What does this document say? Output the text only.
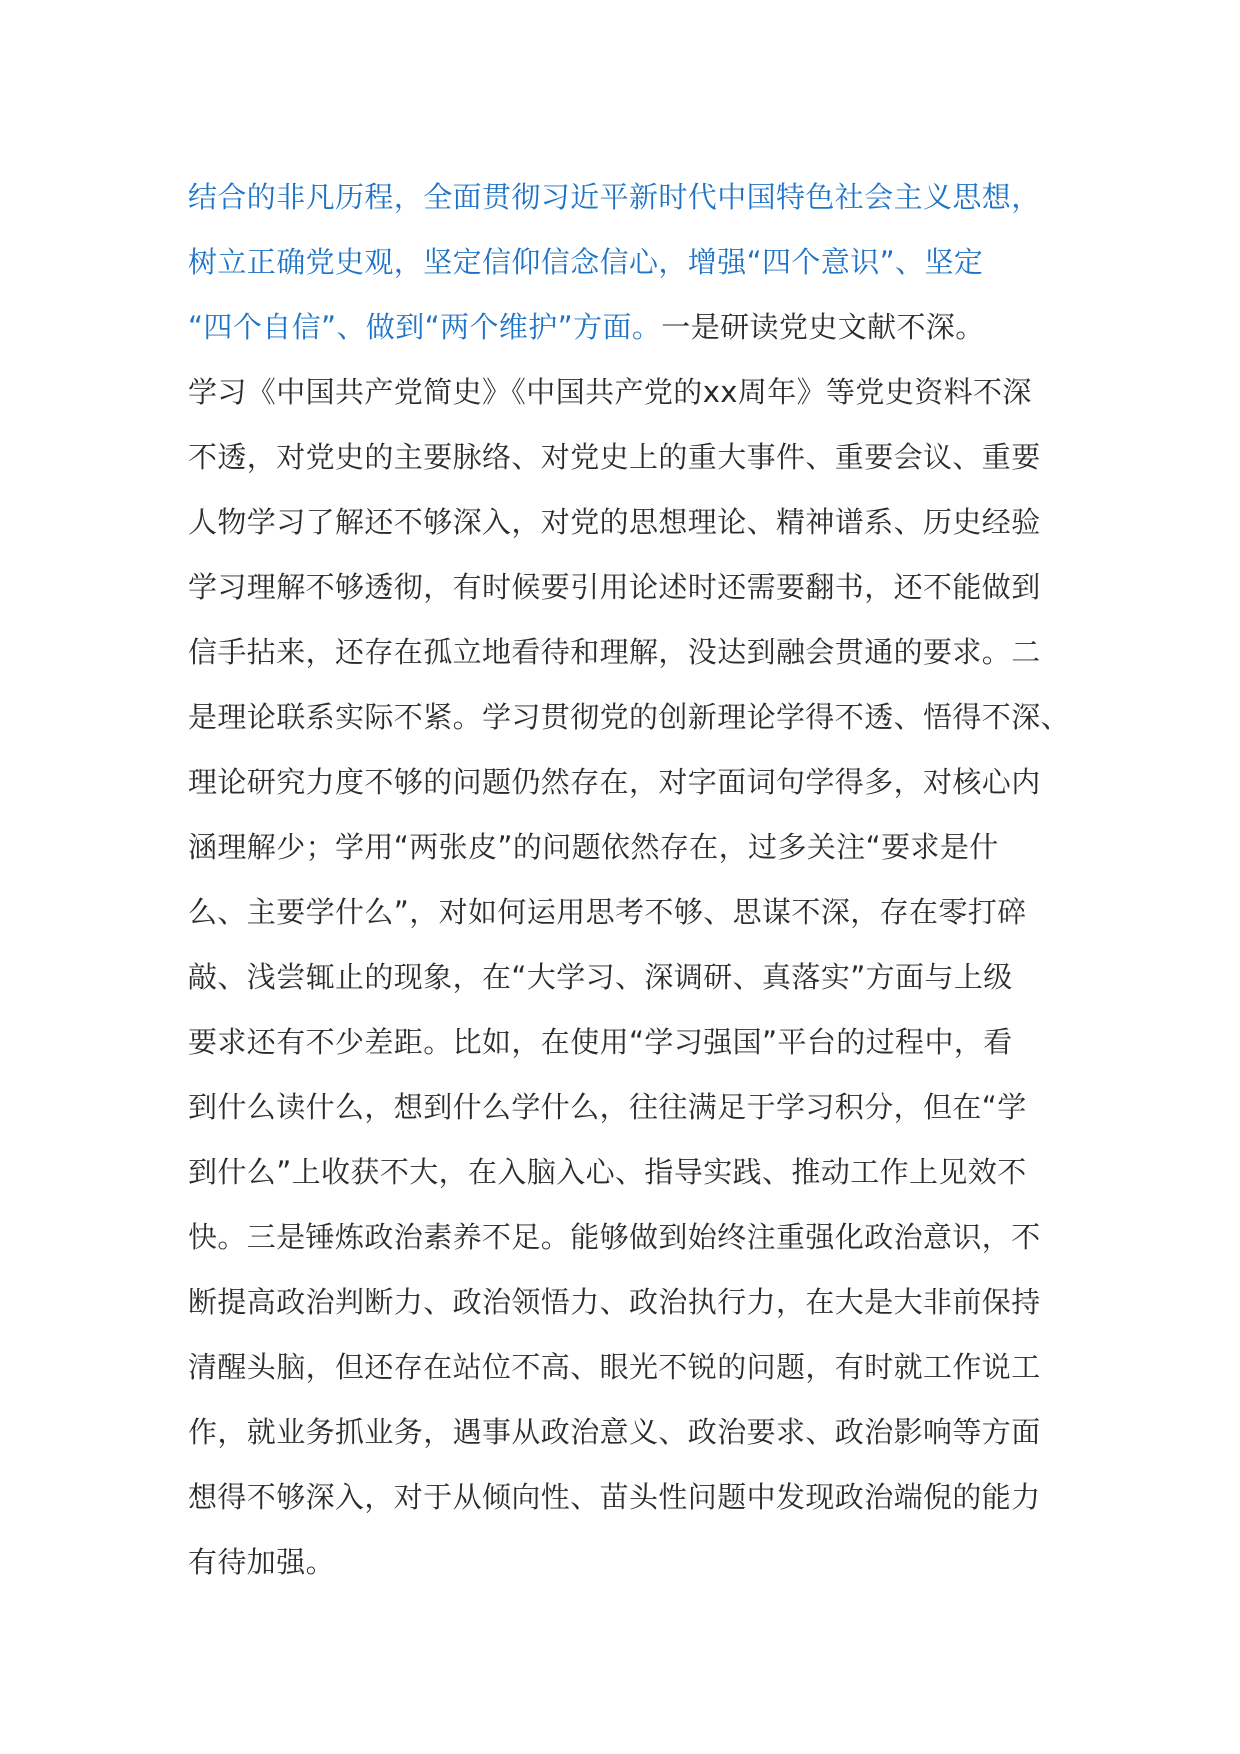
结合的非凡历程，全面贯彻习近平新时代中国特色社会主义思想，
树立正确党史观，坚定信仰信念信心，增强“四个意识”、坚定
“四个自信”、做到“两个维护”方面。一是研读党史文献不深。
学习《中国共产党简史》《中国共产党的xx周年》等党史资料不深
不透，对党史的主要脉络、对党史上的重大事件、重要会议、重要
人物学习了解还不够深入，对党的思想理论、精神谱系、历史经验
学习理解不够透彻，有时候要引用论述时还需要翻书，还不能做到
信手拈来，还存在孤立地看待和理解，没达到融会贯通的要求。二
是理论联系实际不紧。学习贯彻党的创新理论学得不透、悟得不深、
理论研究力度不够的问题仍然存在，对字面词句学得多，对核心内
涵理解少；学用“两张皮”的问题依然存在，过多关注“要求是什
么、主要学什么”，对如何运用思考不够、思谋不深，存在零打碎
敲、浅尝辄止的现象，在“大学习、深调研、真落实”方面与上级
要求还有不少差距。比如，在使用“学习强国”平台的过程中，看
到什么读什么，想到什么学什么，往往满足于学习积分，但在“学
到什么”上收获不大，在入脑入心、指导实践、推动工作上见效不
快。三是锤炼政治素养不足。能够做到始终注重强化政治意识，不
断提高政治判断力、政治领悟力、政治执行力，在大是大非前保持
清醒头脑，但还存在站位不高、眼光不锐的问题，有时就工作说工
作，就业务抓业务，遇事从政治意义、政治要求、政治影响等方面
想得不够深入，对于从倾向性、苗头性问题中发现政治端倪的能力
有待加强。
